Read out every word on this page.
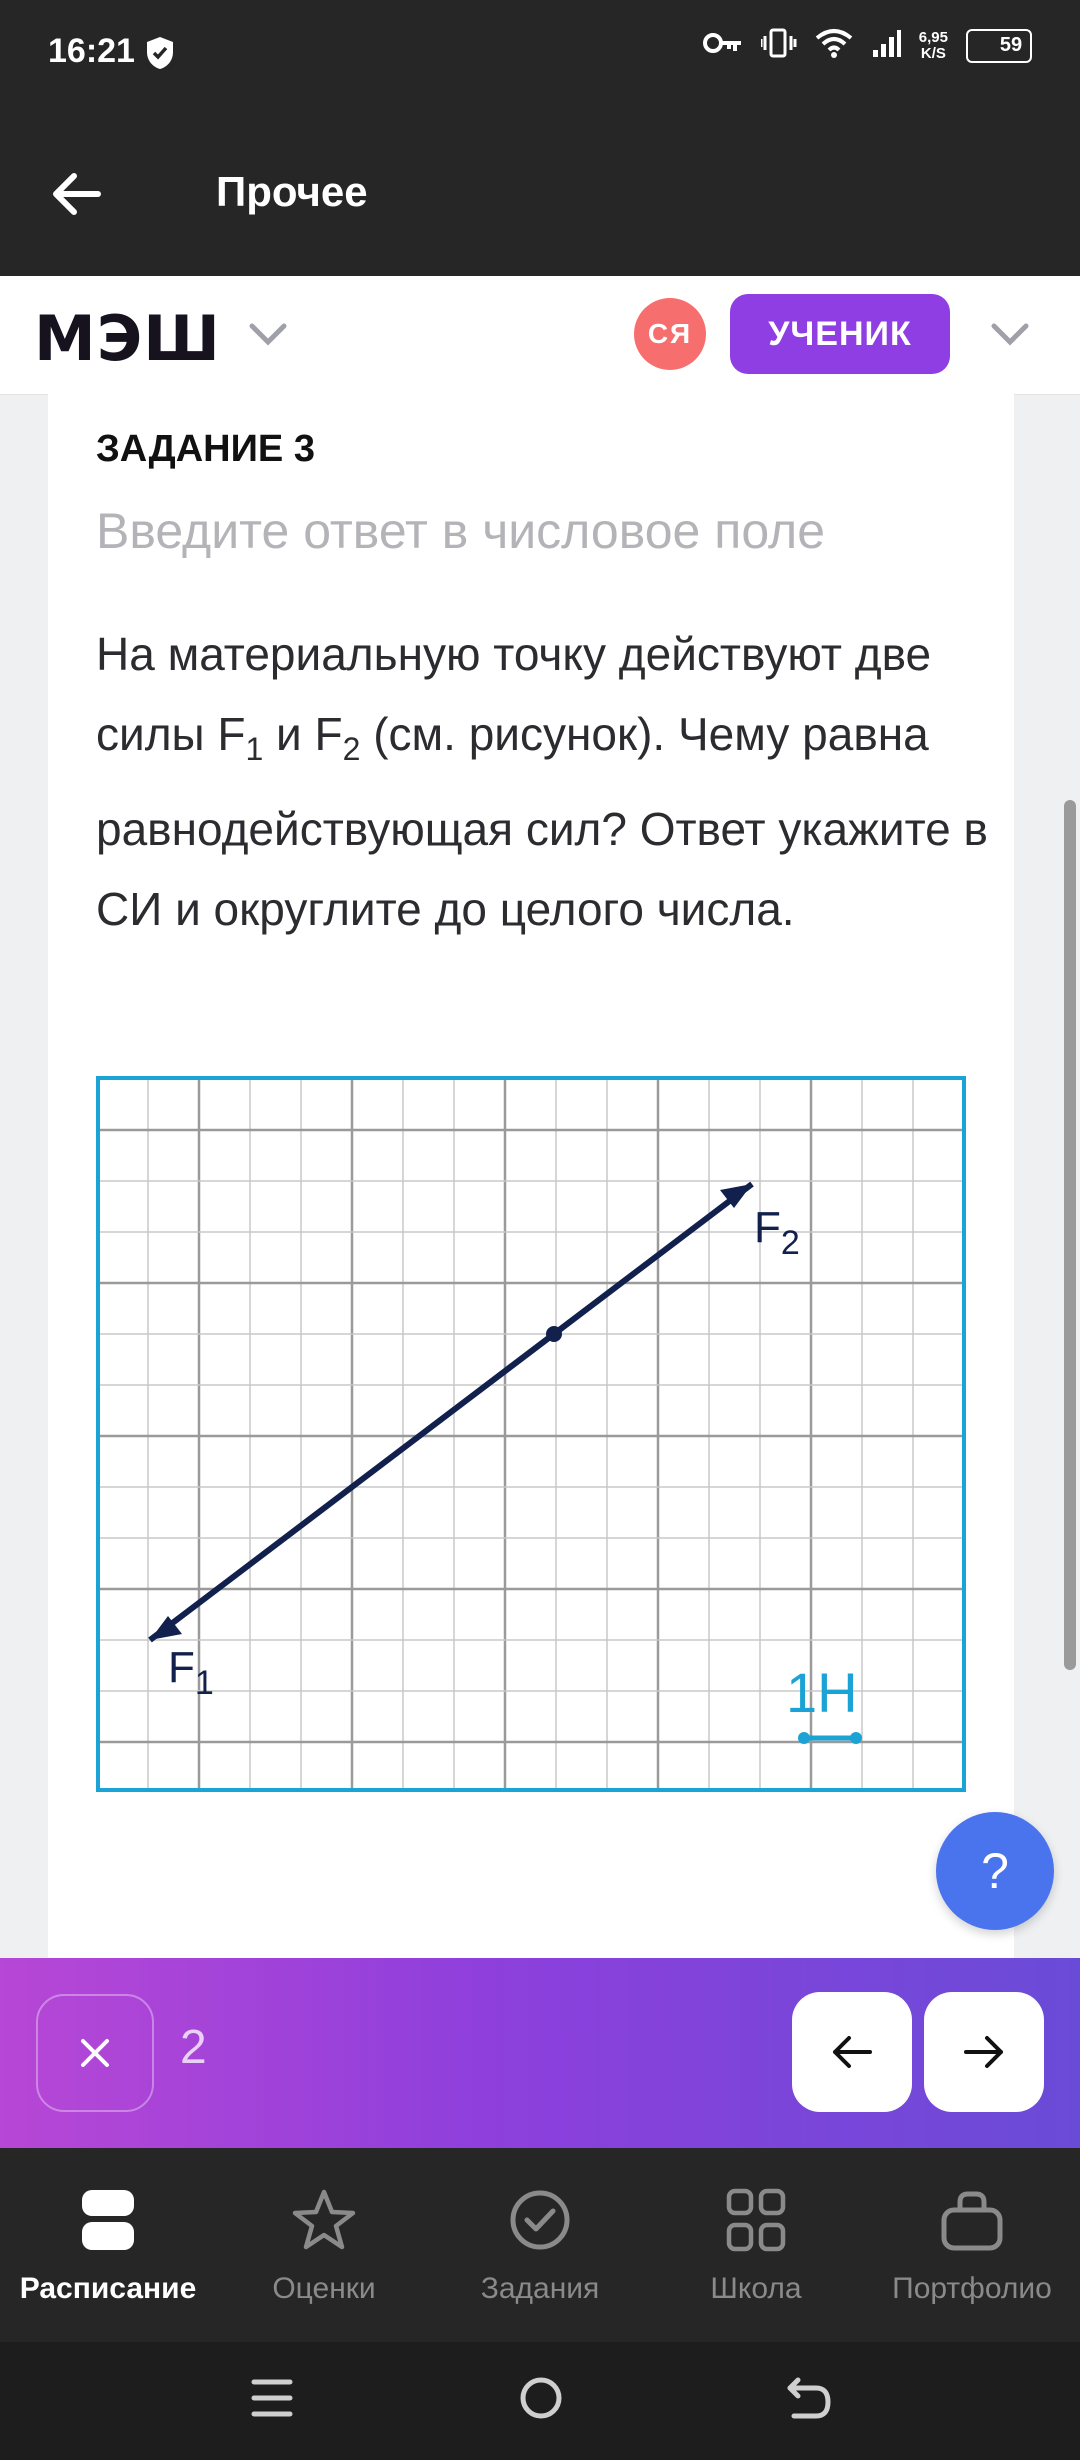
16:21	6,95
K/S	59
Прочее
МЭШ	СЯ	УЧЕНИК
ЗАДАНИЕ 3
Введите ответ в числовое поле
На материальную точку действуют две силы $F_1$ и $F_2$ (см. рисунок). Чему равна равнодействующая сил? Ответ укажите в СИ и округлите до целого числа.
$F_1$
$F_2$
1H
?
2
Расписание	Оценки	Задания	Школа	Портфолио
